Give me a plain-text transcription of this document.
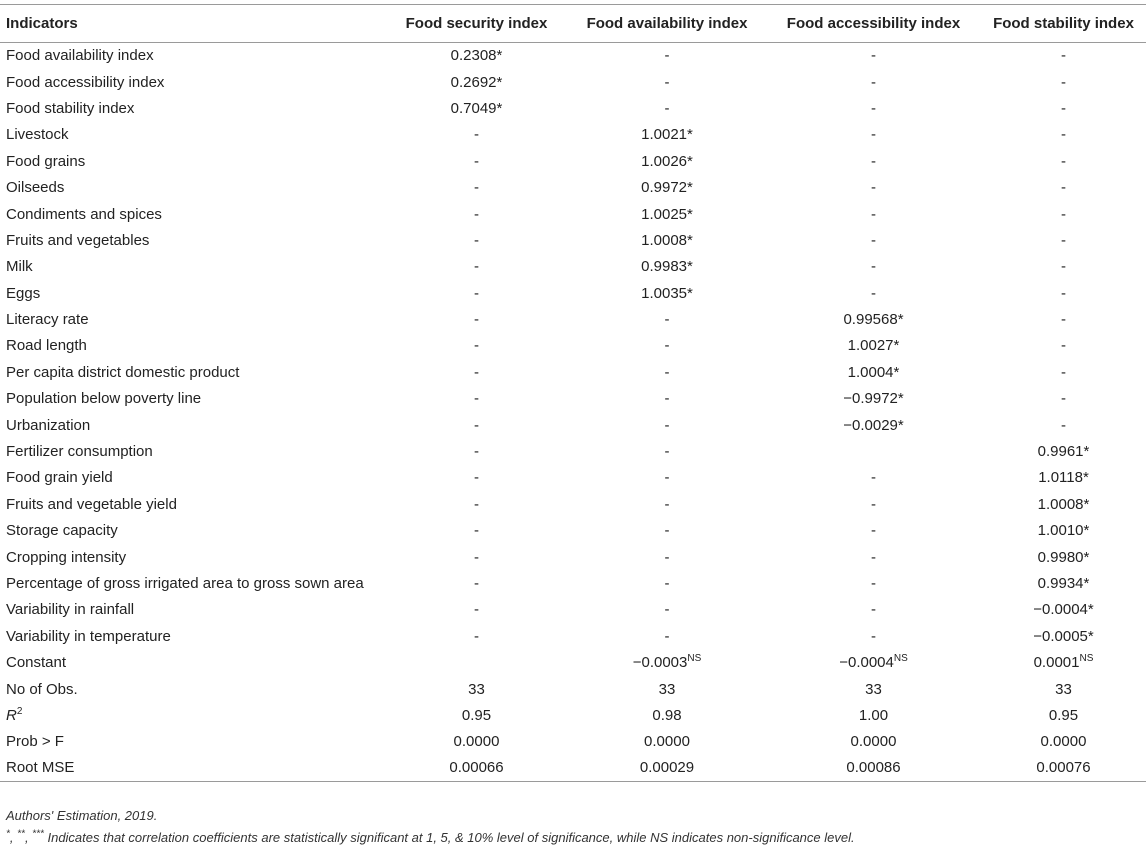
Indicators	Food security index	Food availability index	Food accessibility index	Food stability index
Food availability index	0.2308*	-	-	-
Food accessibility index	0.2692*	-	-	-
Food stability index	0.7049*	-	-	-
Livestock	-	1.0021*	-	-
Food grains	-	1.0026*	-	-
Oilseeds	-	0.9972*	-	-
Condiments and spices	-	1.0025*	-	-
Fruits and vegetables	-	1.0008*	-	-
Milk	-	0.9983*	-	-
Eggs	-	1.0035*	-	-
Literacy rate	-	-	0.99568*	-
Road length	-	-	1.0027*	-
Per capita district domestic product	-	-	1.0004*	-
Population below poverty line	-	-	−0.9972*	-
Urbanization	-	-	−0.0029*	-
Fertilizer consumption	-	-		0.9961*
Food grain yield	-	-	-	1.0118*
Fruits and vegetable yield	-	-	-	1.0008*
Storage capacity	-	-	-	1.0010*
Cropping intensity	-	-	-	0.9980*
Percentage of gross irrigated area to gross sown area	-	-	-	0.9934*
Variability in rainfall	-	-	-	−0.0004*
Variability in temperature	-	-	-	−0.0005*
Constant		$-0.0003^{NS}$	$-0.0004^{NS}$	$0.0001^{NS}$
No of Obs.	33	33	33	33
$R^2$	0.95	0.98	1.00	0.95
Prob > F	0.0000	0.0000	0.0000	0.0000
Root MSE	0.00066	0.00029	0.00086	0.00076
Authors' Estimation, 2019.
*, **, *** Indicates that correlation coefficients are statistically significant at 1, 5, & 10% level of significance, while NS indicates non-significance level.
